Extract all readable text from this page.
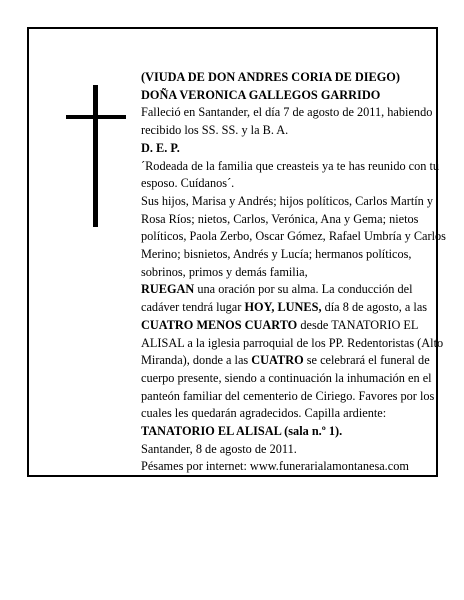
(VIUDA DE DON ANDRES CORIA DE DIEGO)

DOÑA VERONICA GALLEGOS GARRIDO

Falleció en Santander, el día 7 de agosto de 2011, habiendo recibido los SS. SS. y la B. A.

D. E. P.

´Rodeada de la familia que creasteis ya te has reunido con tu esposo. Cuídanos´.

Sus hijos, Marisa y Andrés; hijos políticos, Carlos Martín y Rosa Ríos; nietos, Carlos, Verónica, Ana y Gema; nietos políticos, Paola Zerbo, Oscar Gómez, Rafael Umbría y Carlos Merino; bisnietos, Andrés y Lucía; hermanos políticos, sobrinos, primos y demás familia,

RUEGAN una oración por su alma. La conducción del cadáver tendrá lugar HOY, LUNES, día 8 de agosto, a las CUATRO MENOS CUARTO desde TANATORIO EL ALISAL a la iglesia parroquial de los PP. Redentoristas (Alto Miranda), donde a las CUATRO se celebrará el funeral de cuerpo presente, siendo a continuación la inhumación en el panteón familiar del cementerio de Ciriego. Favores por los cuales les quedarán agradecidos. Capilla ardiente:

TANATORIO EL ALISAL (sala n.º 1).

Santander, 8 de agosto de 2011.

Pésames por internet: www.funerarialamontanesa.com
